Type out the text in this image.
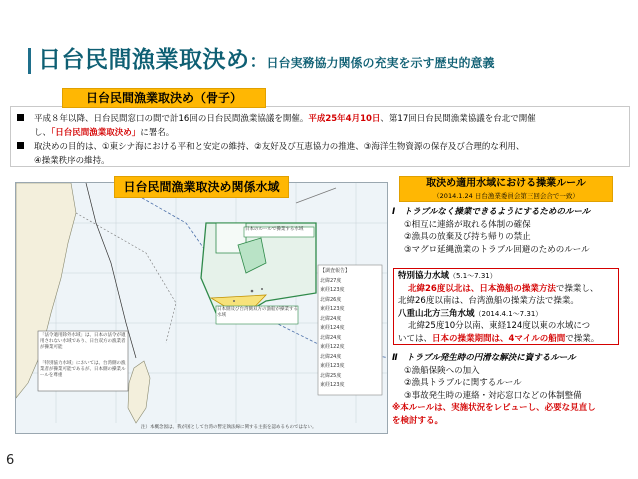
日台民間漁業取決め：日台実務協力関係の充実を示す歴史的意義
平成８年以降、日台民間窓口の間で計16回の日台民間漁業協議を開催。平成25年4月10日、第17回日台民間漁業協議を台北で開催
し、「日台民間漁業取決め」に署名。
取決めの目的は、①東シナ海における平和と安定の維持、②友好及び互恵協力の推進、③海洋生物資源の保存及び合理的な利用、
④操業秩序の維持。
日台民間漁業取決め（骨子）
日本のルールで操業する水域
日本側及び台湾側双方の漁船が操業する水域
「法令適用除外水域」は、日本の法令が適用されない水域であり、日台双方の漁業者が操業可能
「特別協力水域」においては、台湾側の漁業者が操業可能であるが、日本側の操業ルールを尊重
【調査報告】
北緯27度
東経123度
北緯26度
東経123度
北緯24度
東経124度
北緯24度
東経122度
北緯24度
東経123度
北緯25度
東経123度
注）本概念図は、我が国として台湾の暫定執法線に関する主張を認めるものではない。
日台民間漁業取決め関係水域	取決め適用水域における操業ルール
（2014.1.24 日台漁業委員会第三回会合で一致）
Ⅰ　トラブルなく操業できるようにするためのルール
①相互に連絡が取れる体制の確保
②漁具の放棄及び持ち帰りの禁止
③マグロ延縄漁業のトラブル回避のためのルール
特別協力水域（5.1～7.31）
北緯26度以北は、日本漁船の操業方法で操業し、
北緯26度以南は、台湾漁船の操業方法で操業。
八重山北方三角水域（2014.4.1～7.31）
北緯25度10分以南、東経124度以東の水域につ
いては、日本の操業期間は、4マイルの船間で操業。
Ⅱ　トラブル発生時の円滑な解決に資するルール
①漁船保険への加入
②漁具トラブルに関するルール
③事故発生時の連絡・対応窓口などの体制整備
※本ルールは、実施状況をレビューし、必要な見直し
を検討する。
6
